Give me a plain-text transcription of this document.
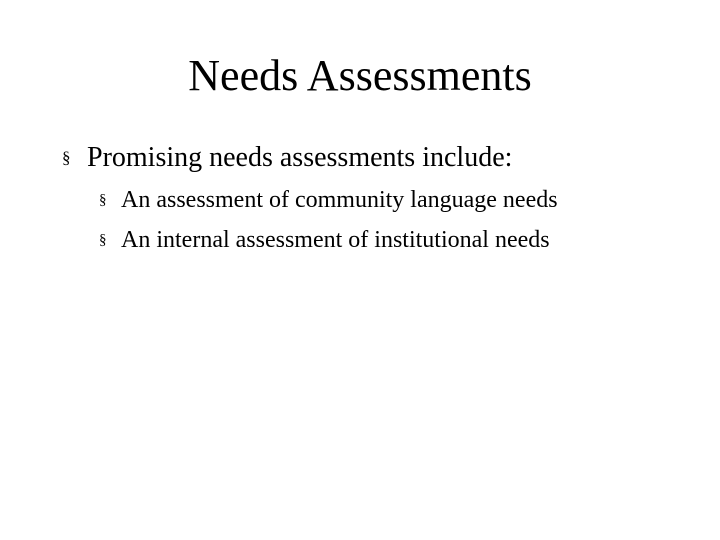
Needs Assessments
§ Promising needs assessments include:
§ An assessment of community language needs
§ An internal assessment of institutional needs
